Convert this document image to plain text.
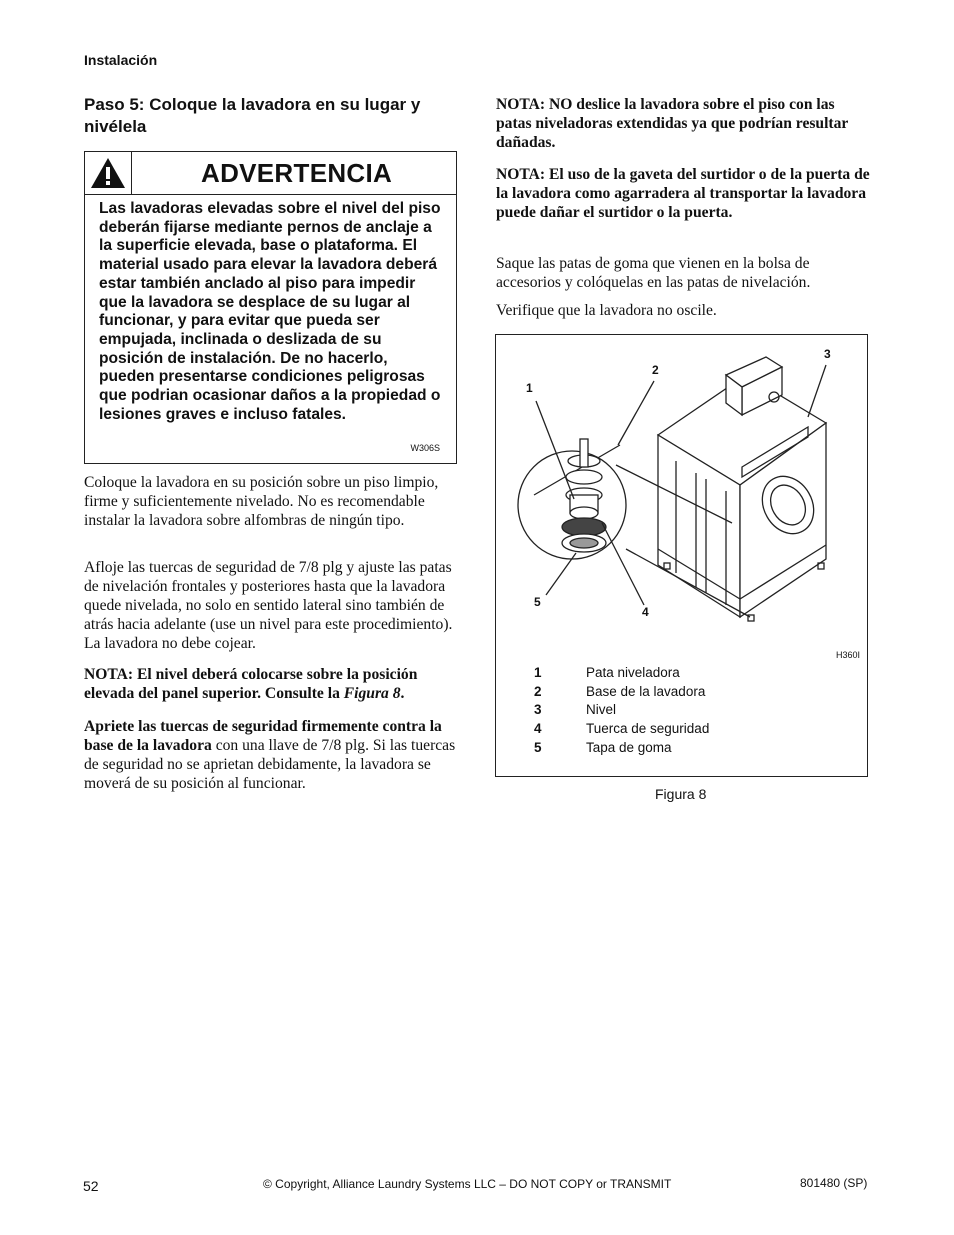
Instalación
Paso 5: Coloque la lavadora en su lugar y nivélela
ADVERTENCIA
Las lavadoras elevadas sobre el nivel del piso deberán fijarse mediante pernos de anclaje a la superficie elevada, base o plataforma. El material usado para elevar la lavadora deberá estar también anclado al piso para impedir que la lavadora se desplace de su lugar al funcionar, y para evitar que pueda ser empujada, inclinada o deslizada de su posición de instalación. De no hacerlo, pueden presentarse condiciones peligrosas que podrian ocasionar daños a la propiedad o lesiones graves e incluso fatales.
W306S
Coloque la lavadora en su posición sobre un piso limpio, firme y suficientemente nivelado. No es recomendable instalar la lavadora sobre alfombras de ningún tipo.
Afloje las tuercas de seguridad de 7/8 plg y ajuste las patas de nivelación frontales y posteriores hasta que la lavadora quede nivelada, no solo en sentido lateral sino también de atrás hacia adelante (use un nivel para este procedimiento). La lavadora no debe cojear.
NOTA: El nivel deberá colocarse sobre la posición elevada del panel superior. Consulte la Figura 8.
Apriete las tuercas de seguridad firmemente contra la base de la lavadora con una llave de 7/8 plg. Si las tuercas de seguridad no se aprietan debidamente, la lavadora se moverá de su posición al funcionar.
NOTA: NO deslice la lavadora sobre el piso con las patas niveladoras extendidas ya que podrían resultar dañadas.
NOTA: El uso de la gaveta del surtidor o de la puerta de la lavadora como agarradera al transportar la lavadora puede dañar el surtidor o la puerta.
Saque las patas de goma que vienen en la bolsa de accesorios y colóquelas en las patas de nivelación.
Verifique que la lavadora no oscile.
1
2
3
4
5
H360I
1	Pata niveladora
2	Base de la lavadora
3	Nivel
4	Tuerca de seguridad
5	Tapa de goma
Figura 8
52	© Copyright, Alliance Laundry Systems LLC – DO NOT COPY or TRANSMIT	801480 (SP)
